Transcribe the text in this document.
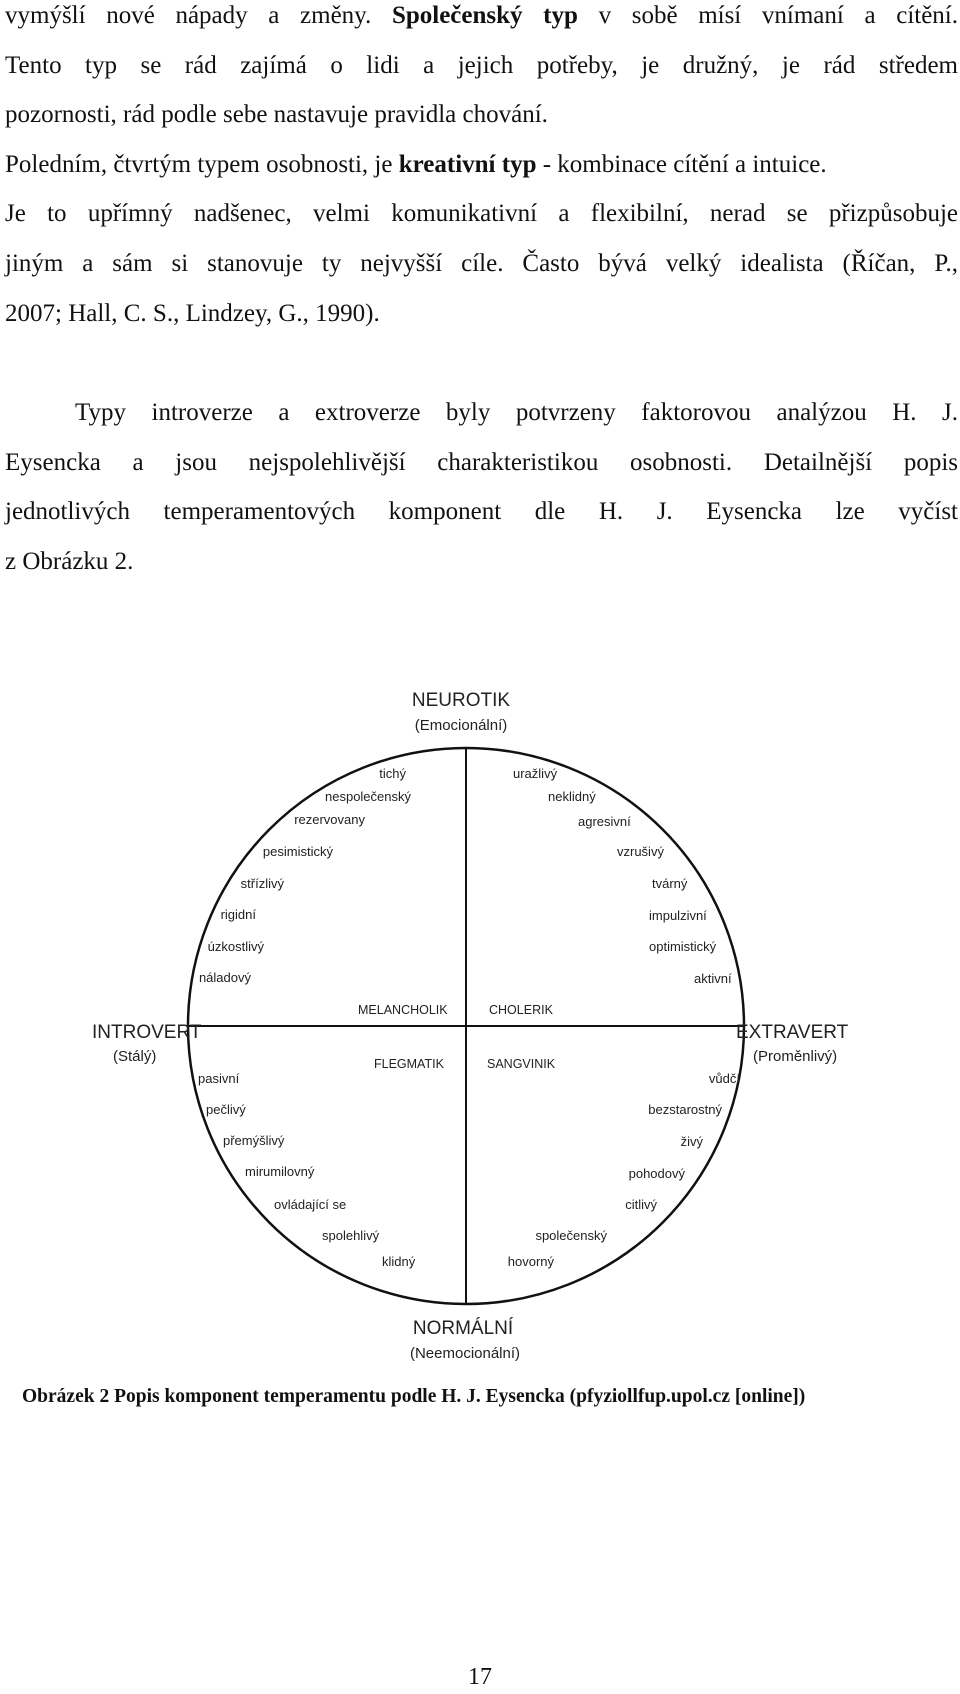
vymýšlí nové nápady a změny. Společenský typ v sobě mísí vnímaní a cítění.
Tento typ se rád zajímá o lidi a jejich potřeby, je družný, je rád středem
pozornosti, rád podle sebe nastavuje pravidla chování.
Poledním, čtvrtým typem osobnosti, je kreativní typ - kombinace cítění a intuice.
Je to upřímný nadšenec, velmi komunikativní a flexibilní, nerad se přizpůsobuje
jiným a sám si stanovuje ty nejvyšší cíle. Často bývá velký idealista (Říčan, P.,
2007; Hall, C. S., Lindzey, G., 1990).
Typy introverze a extroverze byly potvrzeny faktorovou analýzou H. J.
Eysencka a jsou nejspolehlivější charakteristikou osobnosti. Detailnější popis
jednotlivých temperamentových komponent dle H. J. Eysencka lze vyčíst
z Obrázku 2.
NEUROTIK
(Emocionální)
NORMÁLNÍ
(Neemocionální)
INTROVERT
(Stálý)
EXTRAVERT
(Proměnlivý)
MELANCHOLIK	CHOLERIK
FLEGMATIK	SANGVINIK
tichý
nespolečenský
rezervovany
pesimistický
střízlivý
rigidní
úzkostlivý
náladový
uražlivý
neklidný
agresivní
vzrušivý
tvárný
impulzivní
optimistický
aktivní
pasivní
pečlivý
přemýšlivý
mirumilovný
ovládající se
spolehlivý
klidný
vůdčí
bezstarostný
živý
pohodový
citlivý
společenský
hovorný

Obrázek 2 Popis komponent temperamentu podle H. J. Eysencka (pfyziollfup.upol.cz [online])

17
